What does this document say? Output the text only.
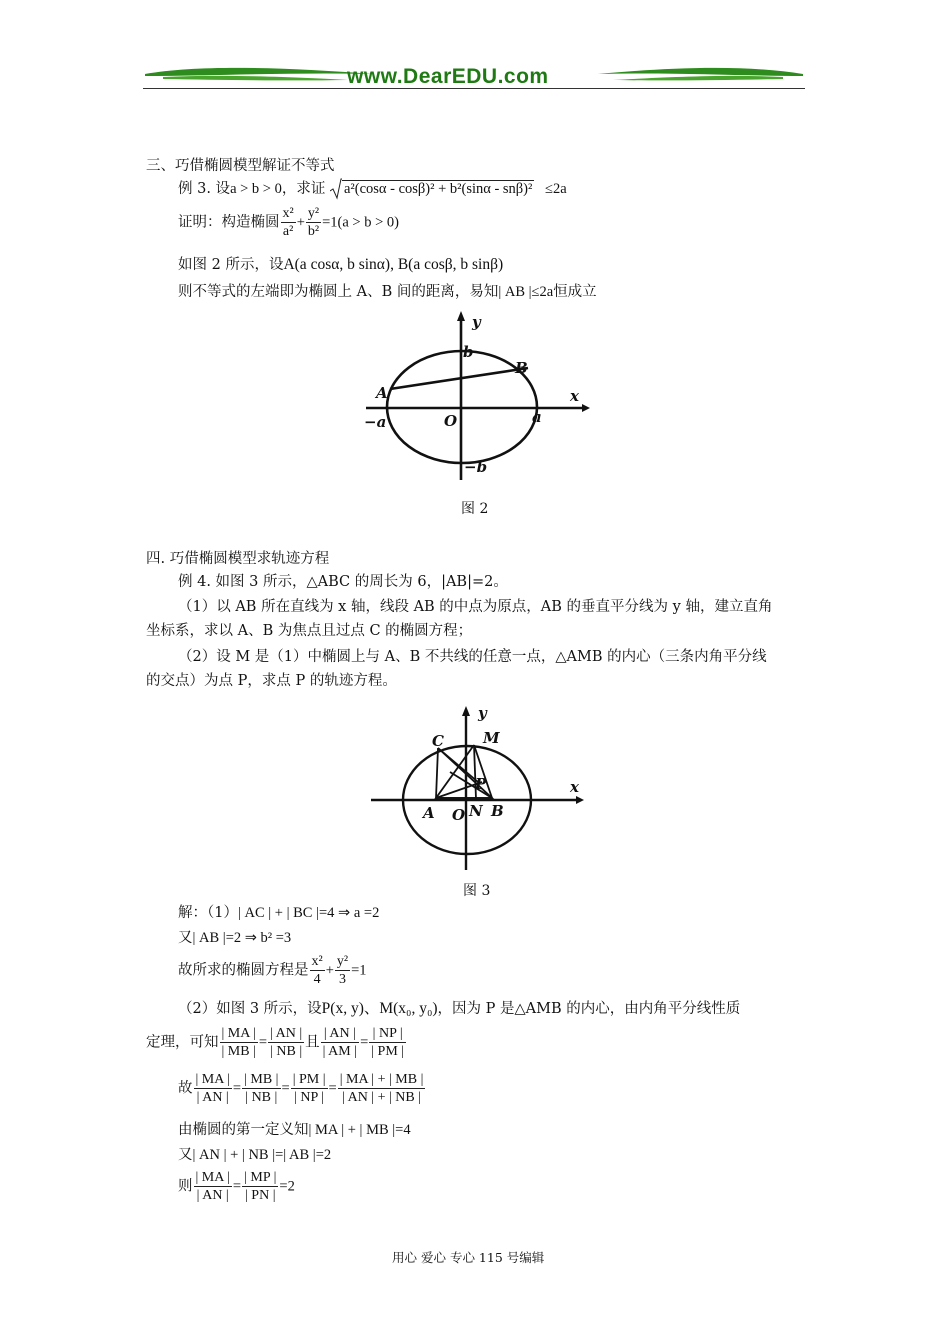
www.DearEDU.com
三、巧借椭圆模型解证不等式
例 3. 设a > b > 0，求证 a²(cosα - cosβ)² + b²(sinα - snβ)² ≤2a
证明：构造椭圆 $\frac{\text{x²}}{\text{a²}} + \frac{\text{y²}}{\text{b²}} =1(a > b > 0)$
如图 2 所示，设A(a cosα, b sinα), B(a cosβ, b sinβ)
则不等式的左端即为椭圆上 A、B 间的距离，易知| AB |≤2a恒成立
y
x
b
B
A
O	a
−a
−b
图 2
四. 巧借椭圆模型求轨迹方程
例 4. 如图 3 所示，△ABC 的周长为 6，|AB|=2。
（1）以 AB 所在直线为 x 轴，线段 AB 的中点为原点，AB 的垂直平分线为 y 轴，建立直角
坐标系，求以 A、B 为焦点且过点 C 的椭圆方程；
（2）设 M 是（1）中椭圆上与 A、B 不共线的任意一点，△AMB 的内心（三条内角平分线
的交点）为点 P，求点 P 的轨迹方程。
y
x
C	M
P
A O N B
图 3
解：（1）| AC | + | BC |=4 ⇒ a =2
又| AB |=2 ⇒ b² =3
故所求的椭圆方程是 $\frac{\text{x²}}{4} + \frac{\text{y²}}{3} =1$
（2）如图 3 所示，设P(x, y)、M(x₀, y₀)，因为 P 是△AMB 的内心，由内角平分线性质
定理，可知 $\frac{| MA |}{| MB |} = \frac{| AN |}{| NB |}$ 且 $\frac{| AN |}{| AM |} = \frac{| NP |}{| PM |}$
故 $\frac{| MA |}{| AN |} = \frac{| MB |}{| NB |} = \frac{| PM |}{| NP |} = \frac{| MA | + | MB |}{| AN | + | NB |}$
由椭圆的第一定义知| MA | + | MB |=4
又| AN | + | NB |=| AB |=2
则 $\frac{| MA |}{| AN |} = \frac{| MP |}{| PN |} =2$
用心 爱心 专心 115 号编辑
